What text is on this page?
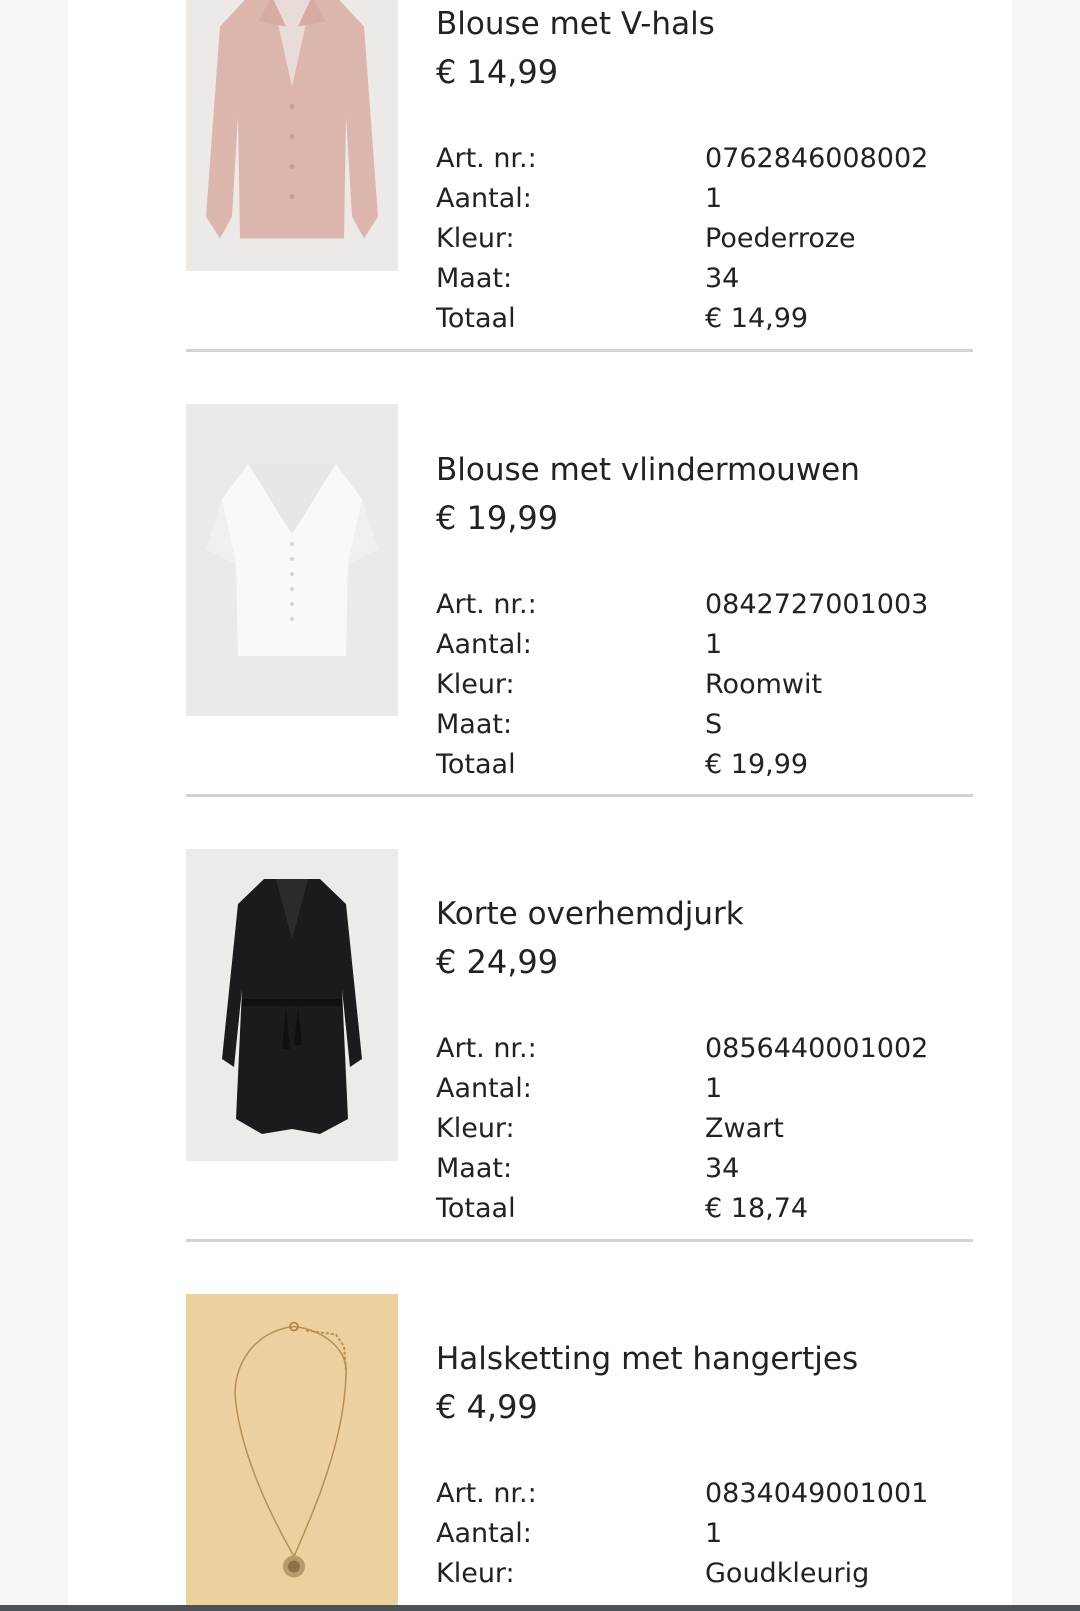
Blouse met V-hals
€ 14,99
Art. nr.:	0762846008002
Aantal:	1
Kleur:	Poederroze
Maat:	34
Totaal	€ 14,99
Blouse met vlindermouwen
€ 19,99
Art. nr.:	0842727001003
Aantal:	1
Kleur:	Roomwit
Maat:	S
Totaal	€ 19,99
Korte overhemdjurk
€ 24,99
Art. nr.:	0856440001002
Aantal:	1
Kleur:	Zwart
Maat:	34
Totaal	€ 18,74
Halsketting met hangertjes
€ 4,99
Art. nr.:	0834049001001
Aantal:	1
Kleur:	Goudkleurig
